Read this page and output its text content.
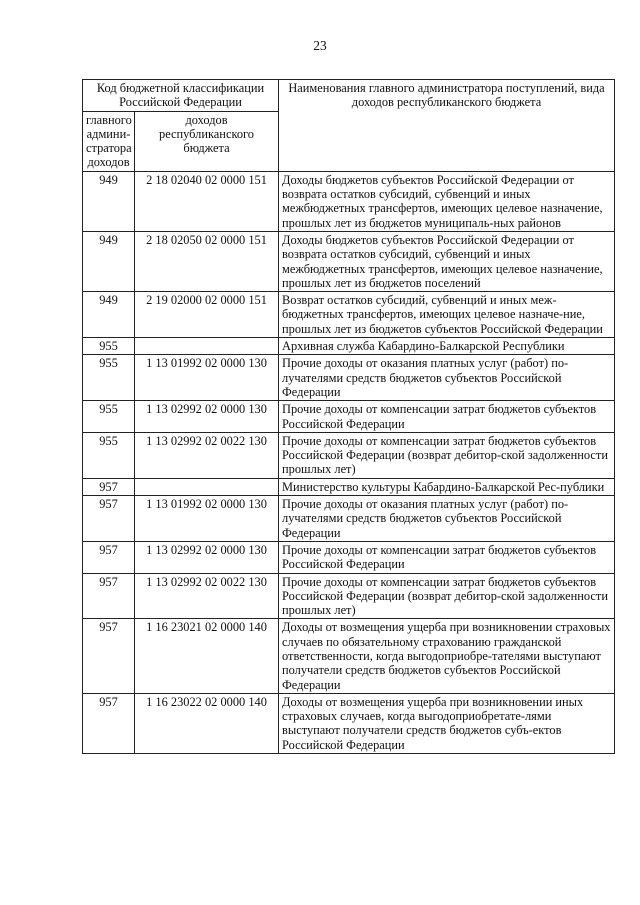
23
Код бюджетной классификации Российской Федерации		Наименования главного администратора поступлений, вида доходов республиканского бюджета
главного админи-стратора доходов	доходов республиканского бюджета	
949	2 18 02040 02 0000 151	Доходы бюджетов субъектов Российской Федерации от возврата остатков субсидий, субвенций и иных межбюджетных трансфертов, имеющих целевое назначение, прошлых лет из бюджетов муниципаль-ных районов
949	2 18 02050 02 0000 151	Доходы бюджетов субъектов Российской Федерации от возврата остатков субсидий, субвенций и иных межбюджетных трансфертов, имеющих целевое назначение, прошлых лет из бюджетов поселений
949	2 19 02000 02 0000 151	Возврат остатков субсидий, субвенций и иных меж-бюджетных трансфертов, имеющих целевое назначе-ние, прошлых лет из бюджетов субъектов Российской Федерации
955		Архивная служба Кабардино-Балкарской Республики
955	1 13 01992 02 0000 130	Прочие доходы от оказания платных услуг (работ) по-лучателями средств бюджетов субъектов Российской Федерации
955	1 13 02992 02 0000 130	Прочие доходы от компенсации затрат бюджетов субъектов Российской Федерации
955	1 13 02992 02 0022 130	Прочие доходы от компенсации затрат бюджетов субъектов Российской Федерации (возврат дебитор-ской задолженности прошлых лет)
957		Министерство культуры Кабардино-Балкарской Рес-публики
957	1 13 01992 02 0000 130	Прочие доходы от оказания платных услуг (работ) по-лучателями средств бюджетов субъектов Российской Федерации
957	1 13 02992 02 0000 130	Прочие доходы от компенсации затрат бюджетов субъектов Российской Федерации
957	1 13 02992 02 0022 130	Прочие доходы от компенсации затрат бюджетов субъектов Российской Федерации (возврат дебитор-ской задолженности прошлых лет)
957	1 16 23021 02 0000 140	Доходы от возмещения ущерба при возникновении страховых случаев по обязательному страхованию гражданской ответственности, когда выгодоприобре-тателями выступают получатели средств бюджетов субъектов Российской Федерации
957	1 16 23022 02 0000 140	Доходы от возмещения ущерба при возникновении иных страховых случаев, когда выгодоприобретате-лями выступают получатели средств бюджетов субъ-ектов Российской Федерации
